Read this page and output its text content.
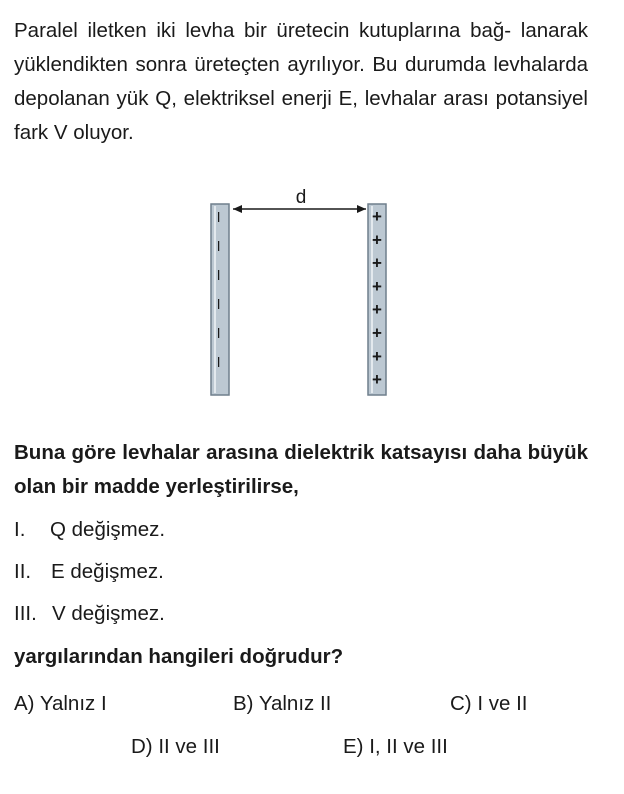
Paralel iletken iki levha bir üretecin kutuplarına bağ- lanarak yüklendikten sonra üreteçten ayrılıyor. Bu durumda levhalarda depolanan yük Q, elektriksel enerji E, levhalar arası potansiyel fark V oluyor.

d
–
–
–
–
–
–
+
+
+
+
+
+
+
+

Buna göre levhalar arasına dielektrik katsayısı daha büyük olan bir madde yerleştirilirse,

I. Q değişmez.
II. E değişmez.
III. V değişmez.

yargılarından hangileri doğrudur?

A) Yalnız I	B) Yalnız II	C) I ve II
D) II ve III	E) I, II ve III
